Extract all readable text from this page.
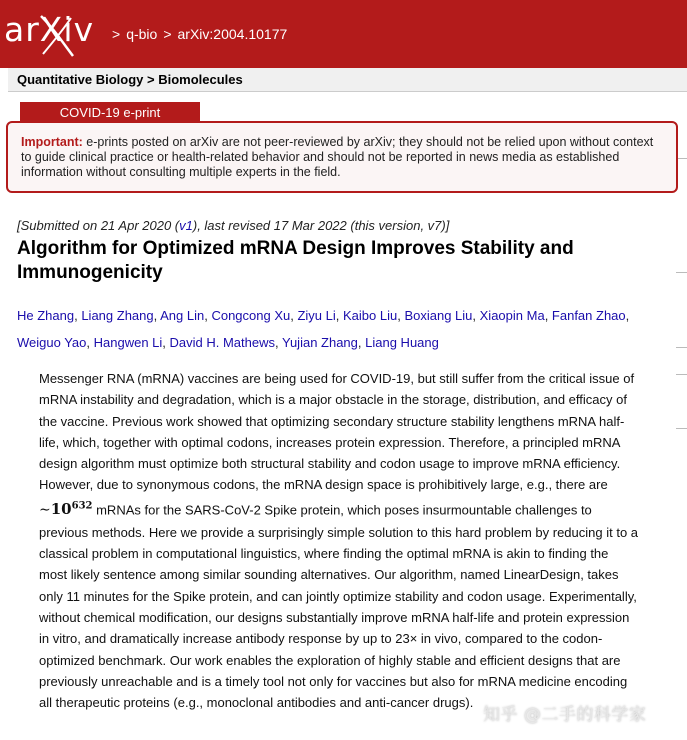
arXiv > q-bio > arXiv:2004.10177
Quantitative Biology > Biomolecules
COVID-19 e-print
Important: e-prints posted on arXiv are not peer-reviewed by arXiv; they should not be relied upon without context to guide clinical practice or health-related behavior and should not be reported in news media as established information without consulting multiple experts in the field.
[Submitted on 21 Apr 2020 (v1), last revised 17 Mar 2022 (this version, v7)]
Algorithm for Optimized mRNA Design Improves Stability and Immunogenicity
He Zhang, Liang Zhang, Ang Lin, Congcong Xu, Ziyu Li, Kaibo Liu, Boxiang Liu, Xiaopin Ma, Fanfan Zhao, Weiguo Yao, Hangwen Li, David H. Mathews, Yujian Zhang, Liang Huang
Messenger RNA (mRNA) vaccines are being used for COVID-19, but still suffer from the critical issue of mRNA instability and degradation, which is a major obstacle in the storage, distribution, and efficacy of the vaccine. Previous work showed that optimizing secondary structure stability lengthens mRNA half-life, which, together with optimal codons, increases protein expression. Therefore, a principled mRNA design algorithm must optimize both structural stability and codon usage to improve mRNA efficiency. However, due to synonymous codons, the mRNA design space is prohibitively large, e.g., there are $\sim 10^{632}$ mRNAs for the SARS-CoV-2 Spike protein, which poses insurmountable challenges to previous methods. Here we provide a surprisingly simple solution to this hard problem by reducing it to a classical problem in computational linguistics, where finding the optimal mRNA is akin to finding the most likely sentence among similar sounding alternatives. Our algorithm, named LinearDesign, takes only 11 minutes for the Spike protein, and can jointly optimize stability and codon usage. Experimentally, without chemical modification, our designs substantially improve mRNA half-life and protein expression in vitro, and dramatically increase antibody response by up to 23× in vivo, compared to the codon-optimized benchmark. Our work enables the exploration of highly stable and efficient designs that are previously unreachable and is a timely tool not only for vaccines but also for mRNA medicine encoding all therapeutic proteins (e.g., monoclonal antibodies and anti-cancer drugs).
知乎 @二手的科学家
